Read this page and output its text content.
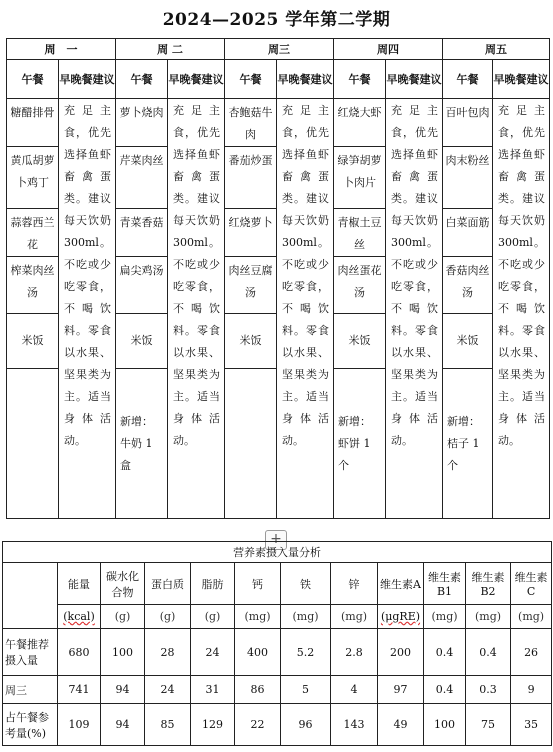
2024—2025 学年第二学期
周　一		周 二		周三		周四		周五	
午餐	早晚餐建议	午餐	早晚餐建议	午餐	早晚餐建议	午餐	早晚餐建议	午餐	早晚餐建议
糖醋排骨	充足主食，优先选择鱼虾畜禽蛋类。建议每天饮奶300ml。不吃或少吃零食，不喝饮料。零食以水果、坚果类为主。适当身体活动。	萝卜烧肉	充足主食，优先选择鱼虾畜禽蛋类。建议每天饮奶300ml。不吃或少吃零食，不喝饮料。零食以水果、坚果类为主。适当身体活动。	杏鲍菇牛肉	充足主食，优先选择鱼虾畜禽蛋类。建议每天饮奶300ml。不吃或少吃零食，不喝饮料。零食以水果、坚果类为主。适当身体活动。	红烧大虾	充足主食，优先选择鱼虾畜禽蛋类。建议每天饮奶300ml。不吃或少吃零食，不喝饮料。零食以水果、坚果类为主。适当身体活动。	百叶包肉	充足主食，优先选择鱼虾畜禽蛋类。建议每天饮奶300ml。不吃或少吃零食，不喝饮料。零食以水果、坚果类为主。适当身体活动。
黄瓜胡萝卜鸡丁		芹菜肉丝		番茄炒蛋		绿笋胡萝卜肉片		肉末粉丝	
蒜蓉西兰花		青菜香菇		红烧萝卜		青椒土豆丝		白菜面筋	
榨菜肉丝汤		扁尖鸡汤		肉丝豆腐汤		肉丝蛋花汤		香菇肉丝汤	
米饭		米饭		米饭		米饭		米饭	
		新增：牛奶 1 盒				新增：虾饼 1 个		新增：桔子 1 个	
+
营养素摄入量分析											
	能量	碳水化合物	蛋白质	脂肪	钙	铁	锌	维生素A	维生素B1	维生素B2	维生素C
	(kcal)	(g)	(g)	(g)	(mg)	(mg)	(mg)	(μgRE)	(mg)	(mg)	(mg)
午餐推荐摄入量	680	100	28	24	400	5.2	2.8	200	0.4	0.4	26
周三	741	94	24	31	86	5	4	97	0.4	0.3	9
占午餐参考量(%)	109	94	85	129	22	96	143	49	100	75	35
